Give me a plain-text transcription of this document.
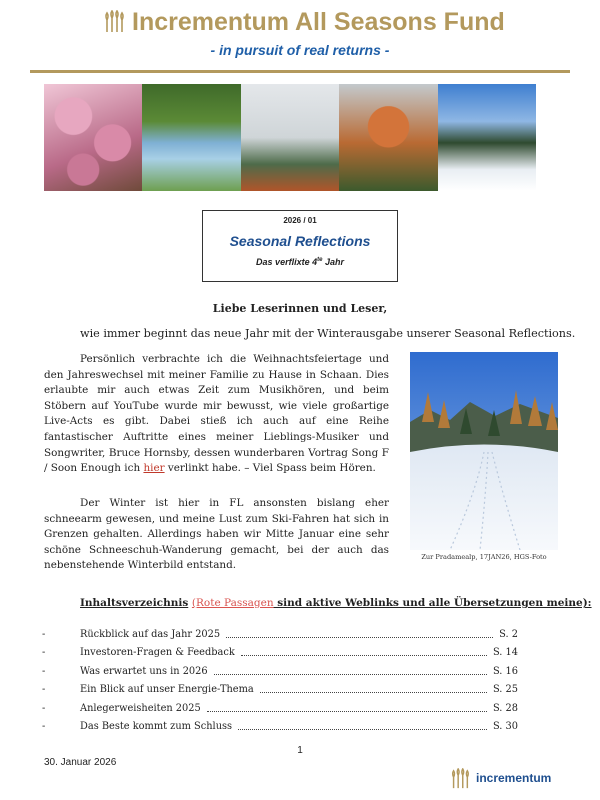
Incrementum All Seasons Fund
- in pursuit of real returns -
2026 / 01
Seasonal Reflections
Das verflixte $4^{te}$ Jahr
Liebe Leserinnen und Leser,
wie immer beginnt das neue Jahr mit der Winterausgabe unserer Seasonal Reflections.
Persönlich verbrachte ich die Weihnachtsfeiertage und den Jahreswechsel mit meiner Familie zu Hause in Schaan. Dies erlaubte mir auch etwas Zeit zum Musikhören, und beim Stöbern auf YouTube wurde mir bewusst, wie viele großartige Live-Acts es gibt. Dabei stieß ich auch auf eine Reihe fantastischer Auftritte eines meiner Lieblings-Musiker und Songwriter, Bruce Hornsby, dessen wunderbaren Vortrag Song F / Soon Enough ich hier verlinkt habe. – Viel Spass beim Hören.
Der Winter ist hier in FL ansonsten bislang eher schneearm gewesen, und meine Lust zum Ski-Fahren hat sich in Grenzen gehalten. Allerdings haben wir Mitte Januar eine sehr schöne Schneeschuh-Wanderung gemacht, bei der auch das nebenstehende Winterbild entstand.
Zur Pradamealp, 17JAN26, HGS-Foto
Inhaltsverzeichnis (Rote Passagen sind aktive Weblinks und alle Übersetzungen meine):
-	Rückblick auf das Jahr 2025	S. 2
-	Investoren-Fragen & Feedback	S. 14
-	Was erwartet uns in 2026	S. 16
-	Ein Blick auf unser Energie-Thema	S. 25
-	Anlegerweisheiten 2025	S. 28
-	Das Beste kommt zum Schluss	S. 30
1
30. Januar 2026
incrementum
